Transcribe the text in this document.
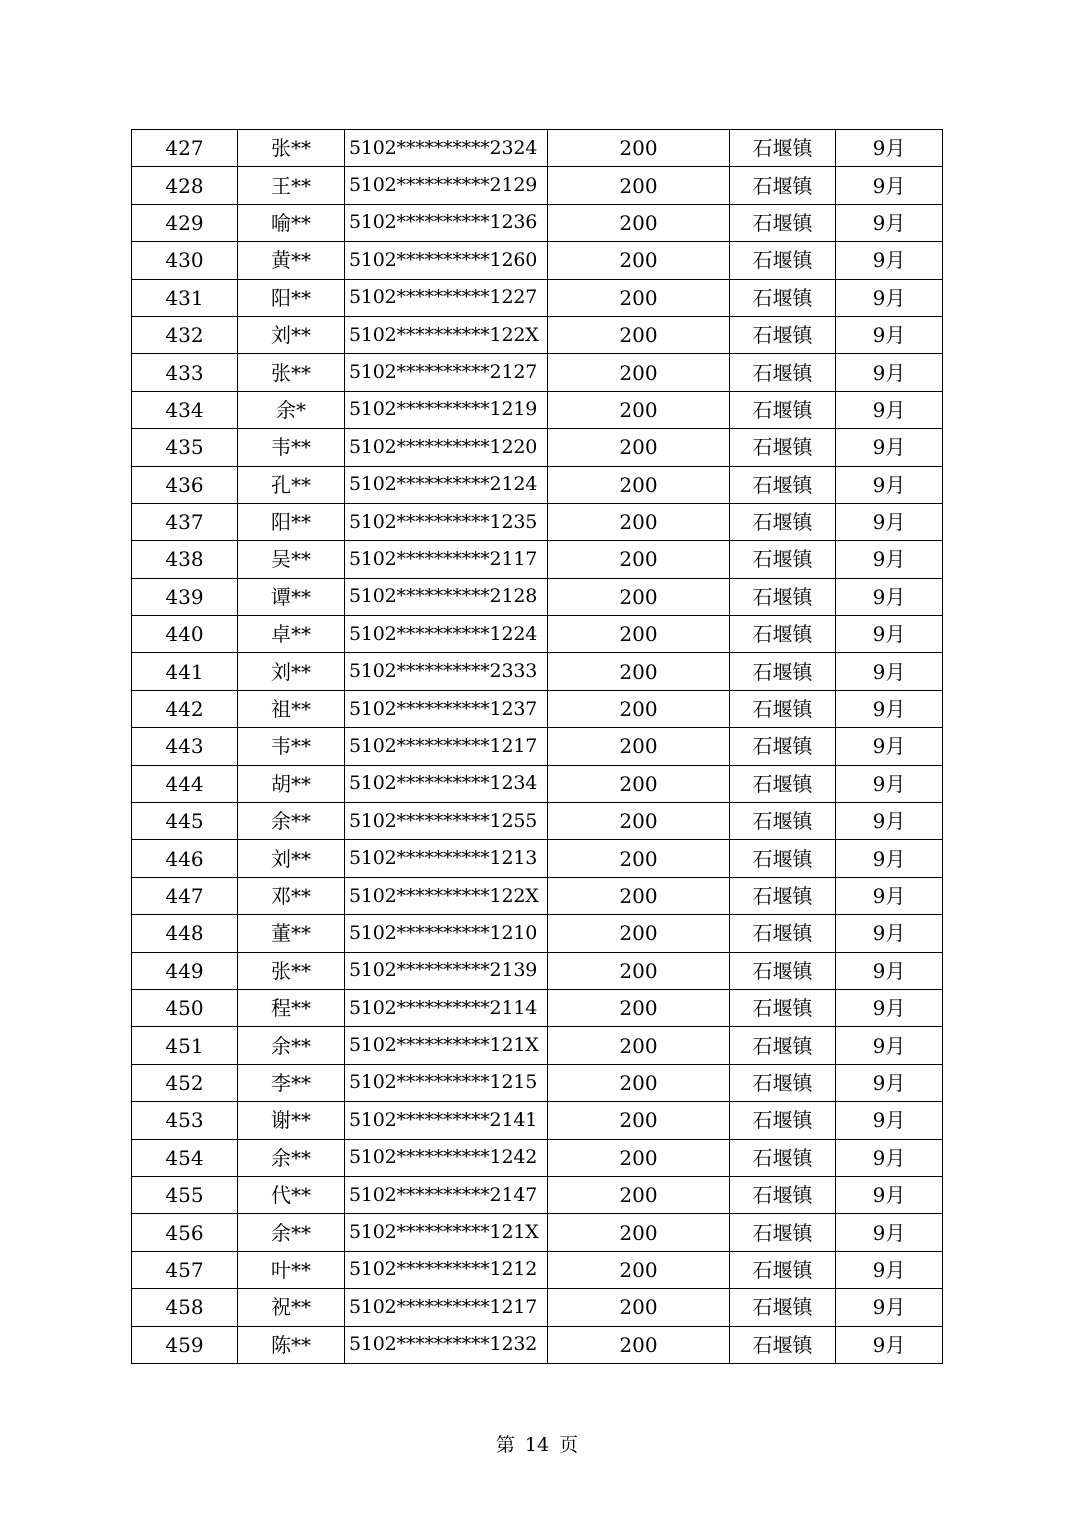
427	张**	5102**********2324	200	石堰镇	9月
428	王**	5102**********2129	200	石堰镇	9月
429	喻**	5102**********1236	200	石堰镇	9月
430	黄**	5102**********1260	200	石堰镇	9月
431	阳**	5102**********1227	200	石堰镇	9月
432	刘**	5102**********122X	200	石堰镇	9月
433	张**	5102**********2127	200	石堰镇	9月
434	余*	5102**********1219	200	石堰镇	9月
435	韦**	5102**********1220	200	石堰镇	9月
436	孔**	5102**********2124	200	石堰镇	9月
437	阳**	5102**********1235	200	石堰镇	9月
438	吴**	5102**********2117	200	石堰镇	9月
439	谭**	5102**********2128	200	石堰镇	9月
440	卓**	5102**********1224	200	石堰镇	9月
441	刘**	5102**********2333	200	石堰镇	9月
442	祖**	5102**********1237	200	石堰镇	9月
443	韦**	5102**********1217	200	石堰镇	9月
444	胡**	5102**********1234	200	石堰镇	9月
445	余**	5102**********1255	200	石堰镇	9月
446	刘**	5102**********1213	200	石堰镇	9月
447	邓**	5102**********122X	200	石堰镇	9月
448	董**	5102**********1210	200	石堰镇	9月
449	张**	5102**********2139	200	石堰镇	9月
450	程**	5102**********2114	200	石堰镇	9月
451	余**	5102**********121X	200	石堰镇	9月
452	李**	5102**********1215	200	石堰镇	9月
453	谢**	5102**********2141	200	石堰镇	9月
454	余**	5102**********1242	200	石堰镇	9月
455	代**	5102**********2147	200	石堰镇	9月
456	余**	5102**********121X	200	石堰镇	9月
457	叶**	5102**********1212	200	石堰镇	9月
458	祝**	5102**********1217	200	石堰镇	9月
459	陈**	5102**********1232	200	石堰镇	9月
第 14 页
